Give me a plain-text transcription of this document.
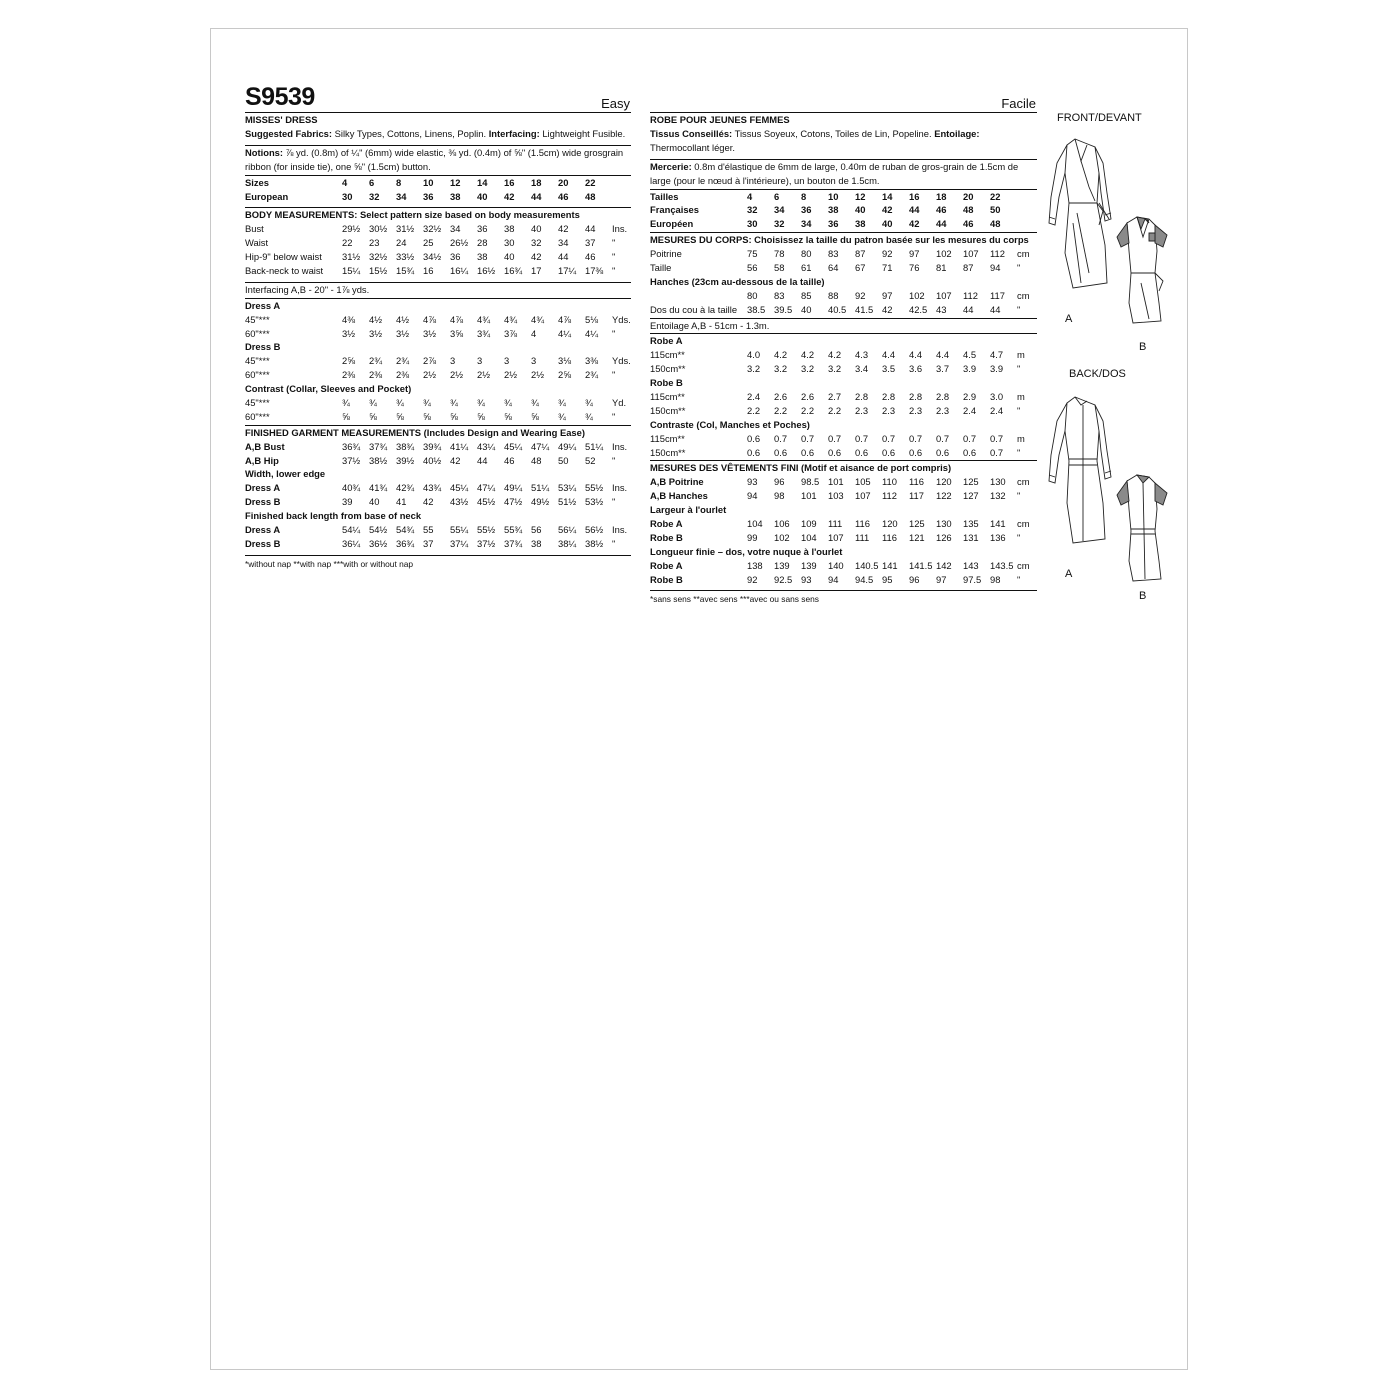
S9539	Easy
MISSES' DRESS
Suggested Fabrics: Silky Types, Cottons, Linens, Poplin. Interfacing: Lightweight Fusible.
Notions: ⅞ yd. (0.8m) of ¼" (6mm) wide elastic, ⅜ yd. (0.4m) of ⅝" (1.5cm) wide grosgrain ribbon (for inside tie), one ⅝" (1.5cm) button.
Sizes	4	6	8	10	12	14	16	18	20	22
European	30	32	34	36	38	40	42	44	46	48
BODY MEASUREMENTS: Select pattern size based on body measurements
Bust	29½ 30½ 31½ 32½ 34	36	38	40	42	44	Ins.
Waist	22	23	24	25	26½ 28	30	32	34	37	"
Hip-9" below waist	31½ 32½ 33½ 34½ 36	38	40	42	44	46	"
Back-neck to waist	15¼ 15½ 15¾ 16	16¼ 16½ 16¾ 17	17¼ 17⅜ "
Interfacing A,B - 20" - 1⅞ yds.
Dress A
45"***	4⅜	4½	4½	4⅞	4⅞	4¾	4¾	4¾	4⅞	5⅛	Yds.
60"***	3½	3½	3½	3½	3⅝	3¾	3⅞	4	4¼	4¼	"
Dress B
45"***	2⅝	2¾	2¾	2⅞	3	3	3	3	3⅛	3⅜	Yds.
60"***	2⅜	2⅜	2⅜	2½	2½	2½	2½	2½	2⅝	2¾	"
Contrast (Collar, Sleeves and Pocket)
45"***	¾	¾	¾	¾	¾	¾	¾	¾	¾	¾	Yd.
60"***	⅝	⅝	⅝	⅝	⅝	⅝	⅝	⅝	¾	¾	"
FINISHED GARMENT MEASUREMENTS (Includes Design and Wearing Ease)
A,B Bust	36¾ 37¾ 38¾ 39¾ 41¼ 43¼ 45¼ 47¼ 49¼ 51¼ Ins.
A,B Hip	37½ 38½ 39½ 40½ 42	44	46	48	50	52	"
Width, lower edge
Dress A	40¾ 41¾ 42¾ 43¾ 45¼ 47¼ 49¼ 51¼ 53¼ 55½ Ins.
Dress B	39	40	41	42	43½ 45½ 47½ 49½ 51½ 53½ "
Finished back length from base of neck
Dress A	54¼ 54½ 54¾ 55	55¼ 55½ 55¾ 56	56¼ 56½ Ins.
Dress B	36¼ 36½ 36¾ 37	37¼ 37½ 37¾ 38	38¼ 38½ "
*without nap **with nap ***with or without nap
Facile
ROBE POUR JEUNES FEMMES
Tissus Conseillés: Tissus Soyeux, Cotons, Toiles de Lin, Popeline. Entoilage: Thermocollant léger.
Mercerie: 0.8m d'élastique de 6mm de large, 0.40m de ruban de gros-grain de 1.5cm de large (pour le nœud à l'intérieure), un bouton de 1.5cm.
Tailles	4	6	8	10	12	14	16	18	20	22
Françaises	32	34	36	38	40	42	44	46	48	50
Européen	30	32	34	36	38	40	42	44	46	48
MESURES DU CORPS: Choisissez la taille du patron basée sur les mesures du corps
Poitrine	75	78	80	83	87	92	97	102	107	112	cm
Taille	56	58	61	64	67	71	76	81	87	94	"
Hanches (23cm au-dessous de la taille)
80	83	85	88	92	97	102	107	112	117	cm
Dos du cou à la taille	38.5 39.5 40	40.5 41.5 42	42.5 43	44	44	"
Entoilage A,B - 51cm - 1.3m.
Robe A
115cm**	4.0	4.2	4.2	4.2	4.3	4.4	4.4	4.4	4.5	4.7	m
150cm**	3.2	3.2	3.2	3.2	3.4	3.5	3.6	3.7	3.9	3.9	"
Robe B
115cm**	2.4	2.6	2.6	2.7	2.8	2.8	2.8	2.8	2.9	3.0	m
150cm**	2.2	2.2	2.2	2.2	2.3	2.3	2.3	2.3	2.4	2.4	"
Contraste (Col, Manches et Poches)
115cm**	0.6	0.7	0.7	0.7	0.7	0.7	0.7	0.7	0.7	0.7	m
150cm**	0.6	0.6	0.6	0.6	0.6	0.6	0.6	0.6	0.6	0.7	"
MESURES DES VÊTEMENTS FINI (Motif et aisance de port compris)
A,B Poitrine	93	96	98.5 101	105	110	116	120	125	130	cm
A,B Hanches	94	98	101	103	107	112	117	122	127	132	"
Largeur à l'ourlet
Robe A	104	106	109	111	116	120	125	130	135	141	cm
Robe B	99	102	104	107	111	116	121	126	131	136	"
Longueur finie – dos, votre nuque à l'ourlet
Robe A	138	139	139	140	140.5 141	141.5 142	143	143.5 cm
Robe B	92	92.5 93	94	94.5 95	96	97	97.5 98	"
*sans sens **avec sens ***avec ou sans sens
FRONT/DEVANT
A
B
BACK/DOS
A
B
